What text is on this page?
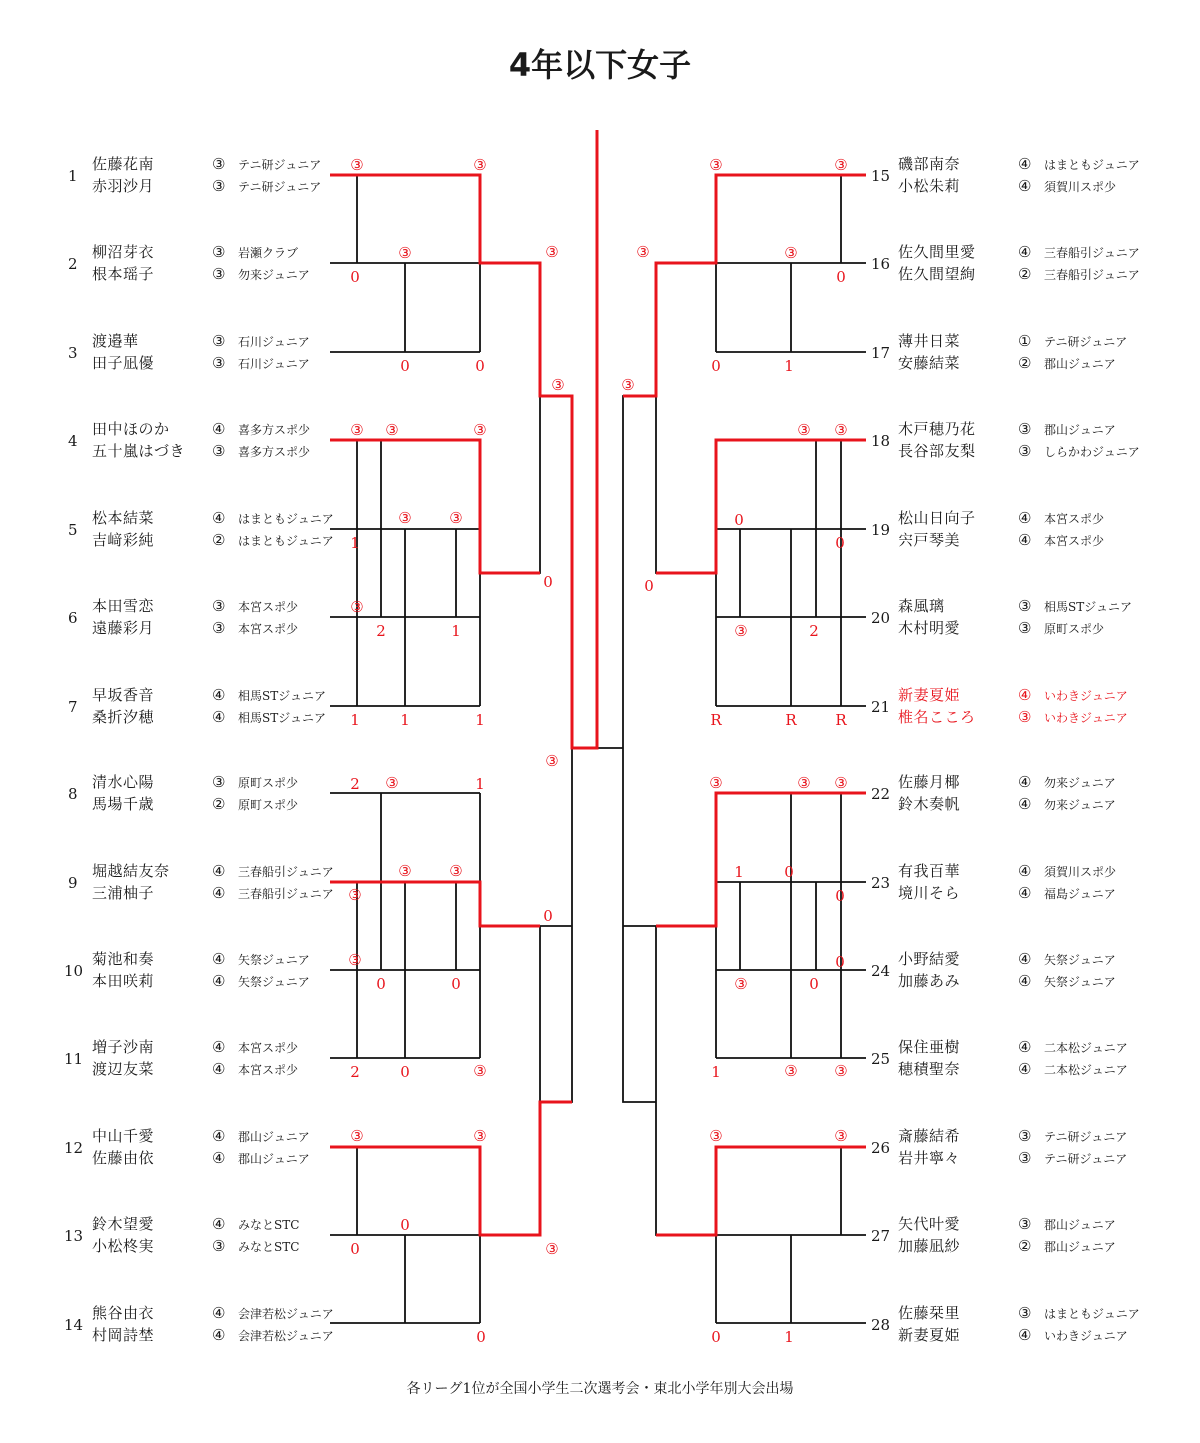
4年以下女子
1
佐藤花南	③ テニ研ジュニア
赤羽沙月	③ テニ研ジュニア
2
柳沼芽衣	③ 岩瀬クラブ
根本瑶子	③ 勿来ジュニア
3
渡邉華	③ 石川ジュニア
田子凪優	③ 石川ジュニア
4
田中ほのか	④ 喜多方スポ少
五十嵐はづき ③ 喜多方スポ少
5
松本結菜	④ はまともジュニア
吉﨑彩純	② はまともジュニア
6
本田雪恋	③ 本宮スポ少
遠藤彩月	③ 本宮スポ少
7
早坂香音	④ 相馬STジュニア
桑折汐穂	④ 相馬STジュニア
8
清水心陽	③ 原町スポ少
馬場千歳	② 原町スポ少
9
堀越結友奈	④ 三春船引ジュニア
三浦柚子	④ 三春船引ジュニア
10
菊池和奏	④ 矢祭ジュニア
本田咲莉	④ 矢祭ジュニア
11
増子沙南	④ 本宮スポ少
渡辺友菜	④ 本宮スポ少
12
中山千愛	④ 郡山ジュニア
佐藤由依	④ 郡山ジュニア
13
鈴木望愛	④ みなとSTC
小松柊実	③ みなとSTC
14
熊谷由衣	④ 会津若松ジュニア
村岡詩埜	④ 会津若松ジュニア
15
磯部南奈	④ はまともジュニア
小松朱莉	④ 須賀川スポ少
16
佐久間里愛	④ 三春船引ジュニア
佐久間望絢	② 三春船引ジュニア
17
薄井日菜	① テニ研ジュニア
安藤結菜	② 郡山ジュニア
18
木戸穂乃花	③ 郡山ジュニア
長谷部友梨	③ しらかわジュニア
19
松山日向子	④ 本宮スポ少
宍戸琴美	④ 本宮スポ少
20
森風璃	③ 相馬STジュニア
木村明愛	③ 原町スポ少
21
新妻夏姫	④ いわきジュニア
椎名こころ	③ いわきジュニア
22
佐藤月椰	④ 勿来ジュニア
鈴木奏帆	④ 勿来ジュニア
23
有我百華	④ 須賀川スポ少
境川そら	④ 福島ジュニア
24
小野結愛	④ 矢祭ジュニア
加藤あみ	④ 矢祭ジュニア
25
保住亜樹	④ 二本松ジュニア
穂積聖奈	④ 二本松ジュニア
26
斎藤結希	③ テニ研ジュニア
岩井寧々	③ テニ研ジュニア
27
矢代叶愛	③ 郡山ジュニア
加藤凪紗	② 郡山ジュニア
28
佐藤栞里	③ はまともジュニア
新妻夏姫	④ いわきジュニア
③	③
0
③
0	0
③	③	③
③	③
1
③
③
③
2	1
1	1	1
2	③	1
③	③
③
③
0	0
③
0
2	0	③
③	③
0
0	③
0
0
③	③
③	③
0
0	1
③
③	③
0
0
③	2
R	R	R
③	③	③
1	0
0
③	0
0
1	③	③
③	③
0
0	1
各リーグ1位が全国小学生二次選考会・東北小学年別大会出場
